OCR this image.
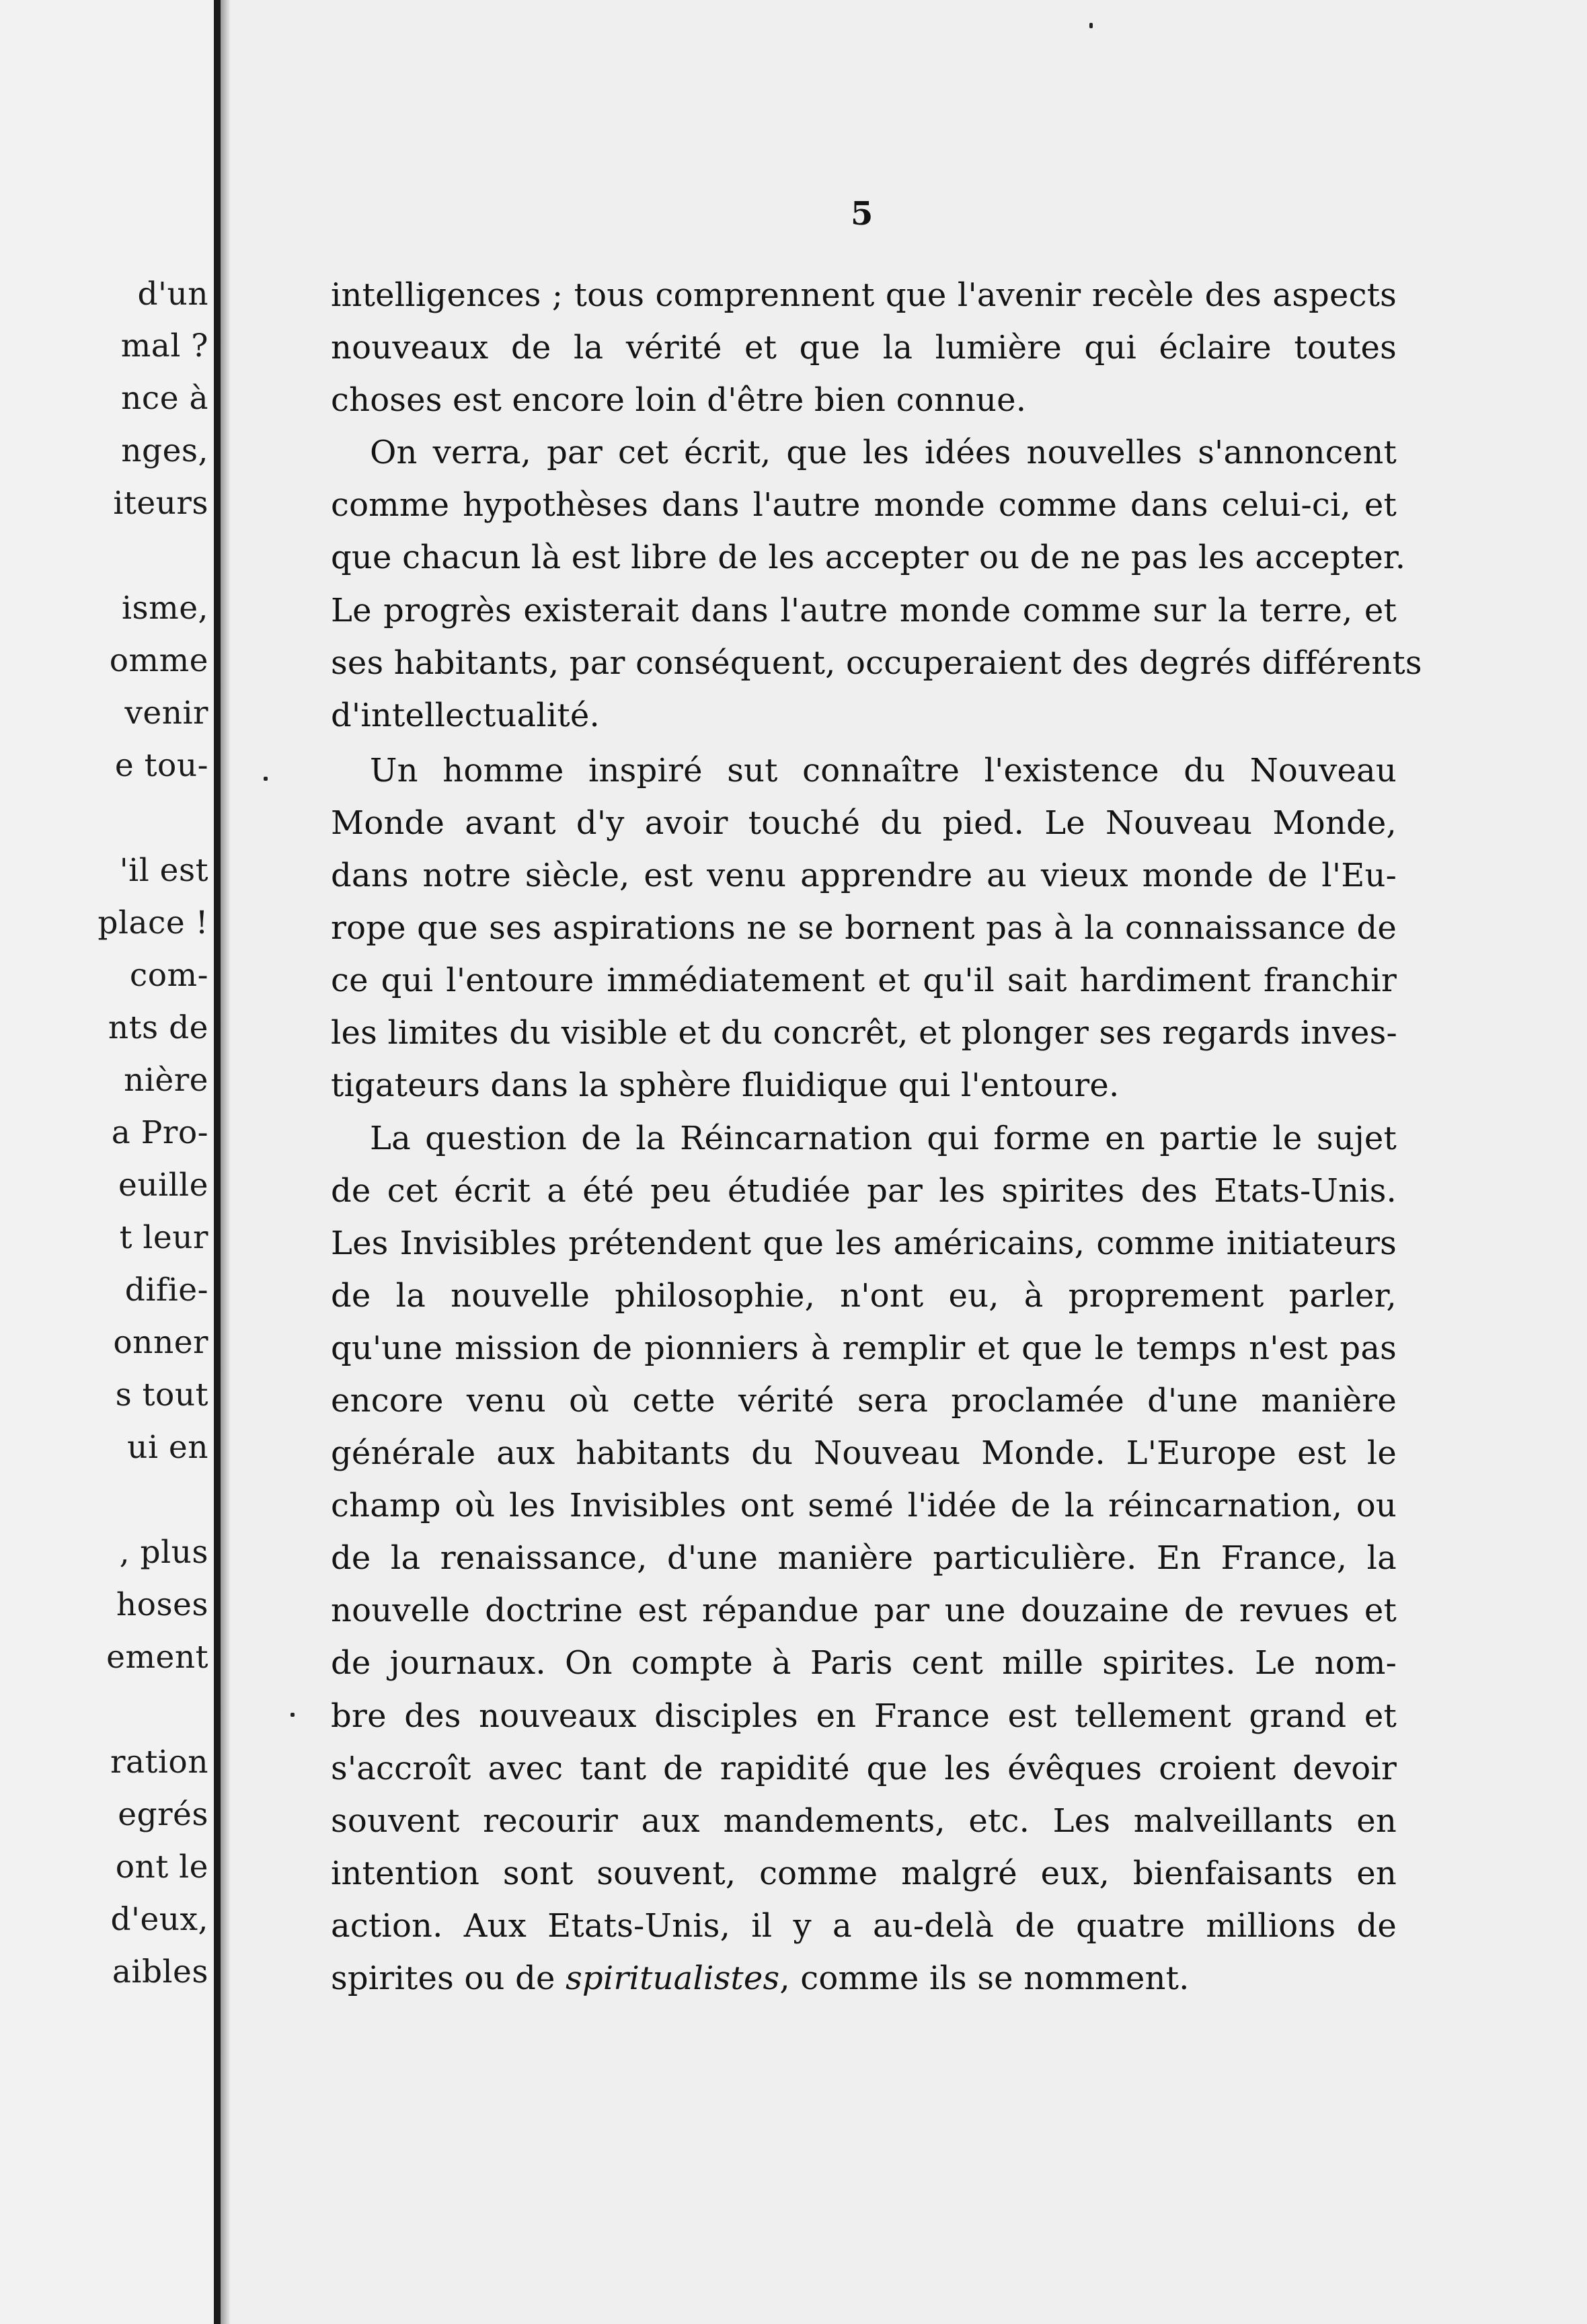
d'un
mal ?
nce à
nges,
iteurs
isme,
omme
venir
e tou-
'il est
place !
com-
nts de
nière
a Pro-
euille
t leur
difie-
onner
s tout
ui en
, plus
hoses
ement
ration
egrés
ont le
d'eux,
aibles
5
intelligences ; tous comprennent que l'avenir recèle des aspects
nouveaux de la vérité et que la lumière qui éclaire toutes
choses est encore loin d'être bien connue.
On verra, par cet écrit, que les idées nouvelles s'annoncent
comme hypothèses dans l'autre monde comme dans celui-ci, et
que chacun là est libre de les accepter ou de ne pas les accepter.
Le progrès existerait dans l'autre monde comme sur la terre, et
ses habitants, par conséquent, occuperaient des degrés différents
d'intellectualité.
Un homme inspiré sut connaître l'existence du Nouveau
Monde avant d'y avoir touché du pied. Le Nouveau Monde,
dans notre siècle, est venu apprendre au vieux monde de l'Eu-
rope que ses aspirations ne se bornent pas à la connaissance de
ce qui l'entoure immédiatement et qu'il sait hardiment franchir
les limites du visible et du concrêt, et plonger ses regards inves-
tigateurs dans la sphère fluidique qui l'entoure.
La question de la Réincarnation qui forme en partie le sujet
de cet écrit a été peu étudiée par les spirites des Etats-Unis.
Les Invisibles prétendent que les américains, comme initiateurs
de la nouvelle philosophie, n'ont eu, à proprement parler,
qu'une mission de pionniers à remplir et que le temps n'est pas
encore venu où cette vérité sera proclamée d'une manière
générale aux habitants du Nouveau Monde. L'Europe est le
champ où les Invisibles ont semé l'idée de la réincarnation, ou
de la renaissance, d'une manière particulière. En France, la
nouvelle doctrine est répandue par une douzaine de revues et
de journaux. On compte à Paris cent mille spirites. Le nom-
bre des nouveaux disciples en France est tellement grand et
s'accroît avec tant de rapidité que les évêques croient devoir
souvent recourir aux mandements, etc. Les malveillants en
intention sont souvent, comme malgré eux, bienfaisants en
action. Aux Etats-Unis, il y a au-delà de quatre millions de
spirites ou de spiritualistes, comme ils se nomment.
